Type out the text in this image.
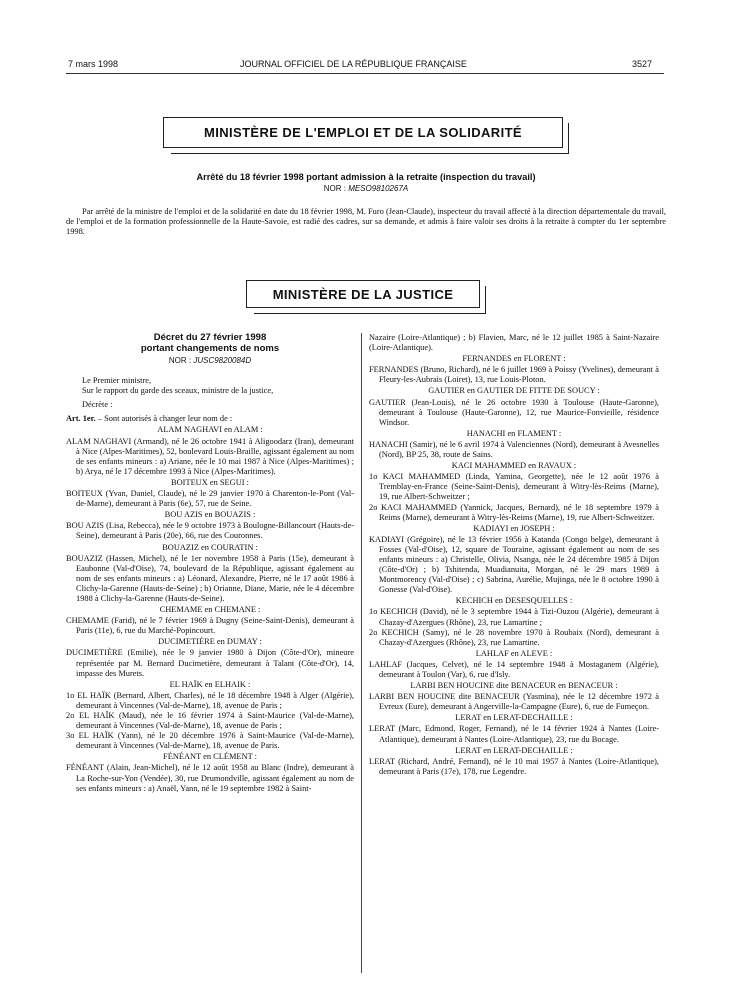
7 mars 1998	JOURNAL OFFICIEL DE LA RÉPUBLIQUE FRANÇAISE	3527
MINISTÈRE DE L'EMPLOI ET DE LA SOLIDARITÉ
Arrêté du 18 février 1998 portant admission à la retraite (inspection du travail)
NOR : MESO9810267A

Par arrêté de la ministre de l'emploi et de la solidarité en date du 18 février 1998, M. Furo (Jean-Claude), inspecteur du travail affecté à la direction départementale du travail, de l'emploi et de la formation professionnelle de la Haute-Savoie, est radié des cadres, sur sa demande, et admis à faire valoir ses droits à la retraite à compter du 1er septembre 1998.

MINISTÈRE DE LA JUSTICE
Décret du 27 février 1998
portant changements de noms
NOR : JUSC9820084D

Le Premier ministre,

Sur le rapport du garde des sceaux, ministre de la justice,

Décrète :

Art. 1er. – Sont autorisés à changer leur nom de :

ALAM NAGHAVI en ALAM :

ALAM NAGHAVI (Armand), né le 26 octobre 1941 à Aligoodarz (Iran), demeurant à Nice (Alpes-Maritimes), 52, boulevard Louis-Braille, agissant également au nom de ses enfants mineurs : a) Ariane, née le 10 mai 1987 à Nice (Alpes-Maritimes) ; b) Arya, né le 17 décembre 1993 à Nice (Alpes-Maritimes).

BOITEUX en SEGUI :

BOITEUX (Yvan, Daniel, Claude), né le 29 janvier 1970 à Charenton-le-Pont (Val-de-Marne), demeurant à Paris (6e), 57, rue de Seine.

BOU AZIS en BOUAZIS :

BOU AZIS (Lisa, Rebecca), née le 9 octobre 1973 à Boulogne-Billancourt (Hauts-de-Seine), demeurant à Paris (20e), 66, rue des Couronnes.

BOUAZIZ en COURATIN :

BOUAZIZ (Hassen, Michel), né le 1er novembre 1958 à Paris (15e), demeurant à Eaubonne (Val-d'Oise), 74, boulevard de la République, agissant également au nom de ses enfants mineurs : a) Léonard, Alexandre, Pierre, né le 17 août 1986 à Clichy-la-Garenne (Hauts-de-Seine) ; b) Orianne, Diane, Marie, née le 4 décembre 1988 à Clichy-la-Garenne (Hauts-de-Seine).

CHEMAME en CHEMANE :

CHEMAME (Farid), né le 7 février 1969 à Dugny (Seine-Saint-Denis), demeurant à Paris (11e), 6, rue du Marché-Popincourt.

DUCIMETIÈRE en DUMAY :

DUCIMETIÈRE (Emilie), née le 9 janvier 1980 à Dijon (Côte-d'Or), mineure représentée par M. Bernard Ducimetière, demeurant à Talant (Côte-d'Or), 14, impasse des Murets.

EL HAÏK en ELHAIK :

1o EL HAÏK (Bernard, Albert, Charles), né le 18 décembre 1948 à Alger (Algérie), demeurant à Vincennes (Val-de-Marne), 18, avenue de Paris ;

2o EL HAÏK (Maud), née le 16 février 1974 à Saint-Maurice (Val-de-Marne), demeurant à Vincennes (Val-de-Marne), 18, avenue de Paris ;

3o EL HAÏK (Yann), né le 20 décembre 1976 à Saint-Maurice (Val-de-Marne), demeurant à Vincennes (Val-de-Marne), 18, avenue de Paris.

FÉNÉANT en CLÉMENT :

FÉNÉANT (Alain, Jean-Michel), né le 12 août 1958 au Blanc (Indre), demeurant à La Roche-sur-Yon (Vendée), 30, rue Drumondville, agissant également au nom de ses enfants mineurs : a) Anaël, Yann, né le 19 septembre 1982 à Saint-

Nazaire (Loire-Atlantique) ; b) Flavien, Marc, né le 12 juillet 1985 à Saint-Nazaire (Loire-Atlantique).

FERNANDES en FLORENT :

FERNANDES (Bruno, Richard), né le 6 juillet 1969 à Poissy (Yvelines), demeurant à Fleury-les-Aubrais (Loiret), 13, rue Louis-Ploton.

GAUTIER en GAUTIER DE FITTE DE SOUCY :

GAUTIER (Jean-Louis), né le 26 octobre 1930 à Toulouse (Haute-Garonne), demeurant à Toulouse (Haute-Garonne), 12, rue Maurice-Fonvieille, résidence Windsor.

HANACHI en FLAMENT :

HANACHI (Samir), né le 6 avril 1974 à Valenciennes (Nord), demeurant à Avesnelles (Nord), BP 25, 38, route de Sains.

KACI MAHAMMED en RAVAUX :

1o KACI MAHAMMED (Linda, Yamina, Georgette), née le 12 août 1976 à Tremblay-en-France (Seine-Saint-Denis), demeurant à Witry-lès-Reims (Marne), 19, rue Albert-Schweitzer ;

2o KACI MAHAMMED (Yannick, Jacques, Bernard), né le 18 septembre 1979 à Reims (Marne), demeurant à Witry-lès-Reims (Marne), 19, rue Albert-Schweitzer.

KADIAYI en JOSEPH :

KADIAYI (Grégoire), né le 13 février 1956 à Katanda (Congo belge), demeurant à Fosses (Val-d'Oise), 12, square de Touraine, agissant également au nom de ses enfants mineurs : a) Christelle, Olivia, Nsanga, née le 24 décembre 1985 à Dijon (Côte-d'Or) ; b) Tshitenda, Muadianuita, Morgan, né le 29 mars 1989 à Montmorency (Val-d'Oise) ; c) Sabrina, Aurélie, Mujinga, née le 8 octobre 1990 à Gonesse (Val-d'Oise).

KECHICH en DESESQUELLES :

1o KECHICH (David), né le 3 septembre 1944 à Tizi-Ouzou (Algérie), demeurant à Chazay-d'Azergues (Rhône), 23, rue Lamartine ;

2o KECHICH (Samy), né le 28 novembre 1970 à Roubaix (Nord), demeurant à Chazay-d'Azergues (Rhône), 23, rue Lamartine.

LAHLAF en ALEVE :

LAHLAF (Jacques, Celvet), né le 14 septembre 1948 à Mostaganem (Algérie), demeurant à Toulon (Var), 6, rue d'Isly.

LARBI BEN HOUCINE dite BENACEUR en BENACEUR :

LARBI BEN HOUCINE dite BENACEUR (Yasmina), née le 12 décembre 1972 à Evreux (Eure), demeurant à Angerville-la-Campagne (Eure), 6, rue de Fumeçon.

LERAT en LERAT-DECHAILLE :

LERAT (Marc, Edmond, Roger, Fernand), né le 14 février 1924 à Nantes (Loire-Atlantique), demeurant à Nantes (Loire-Atlantique), 23, rue du Bocage.

LERAT en LERAT-DECHAILLE :

LERAT (Richard, André, Fernand), né le 10 mai 1957 à Nantes (Loire-Atlantique), demeurant à Paris (17e), 178, rue Legendre.
